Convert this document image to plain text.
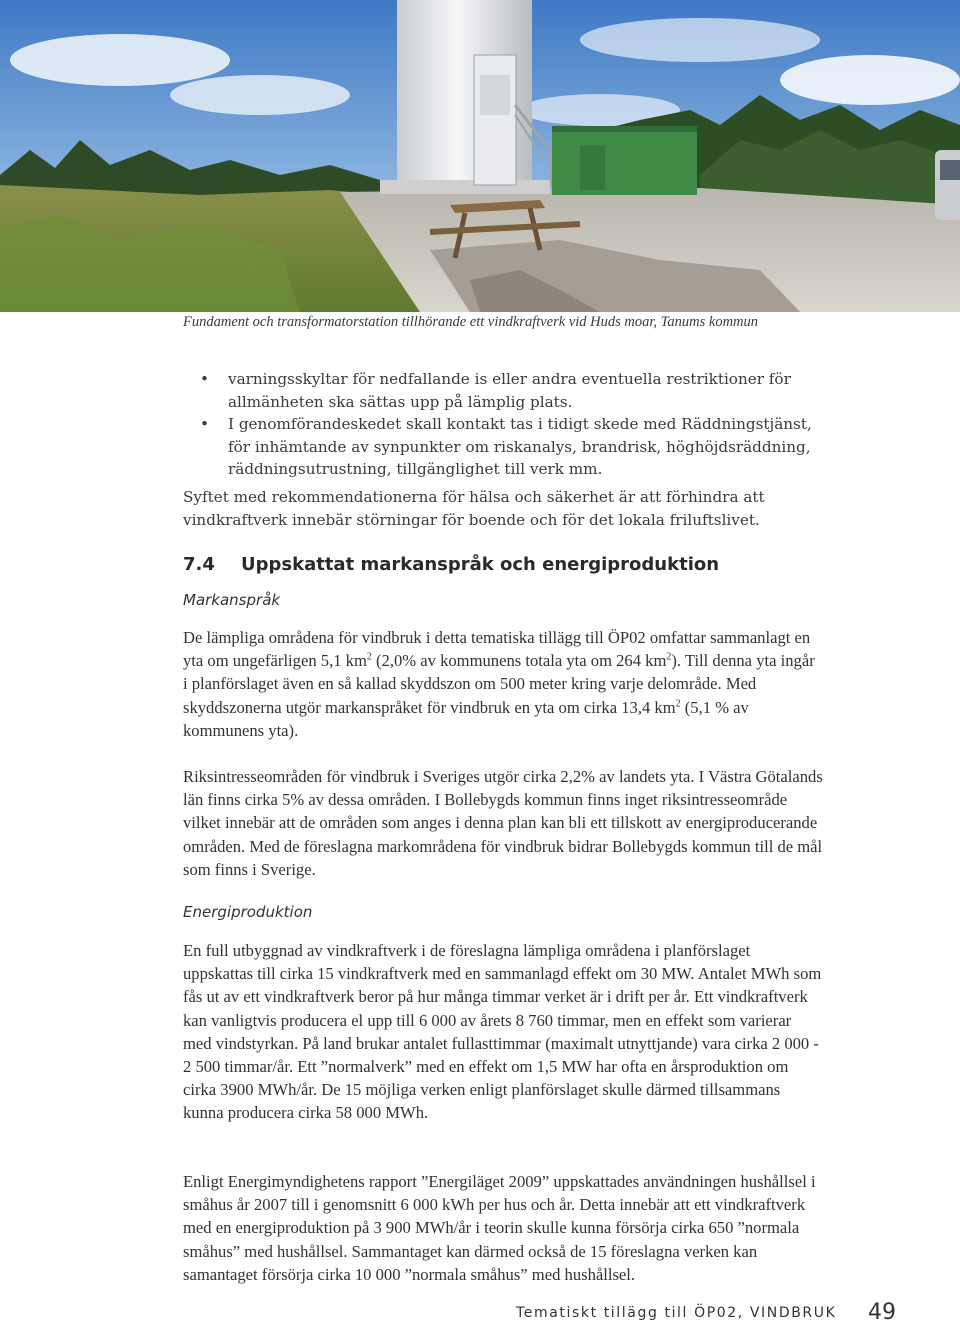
Fundament och transformatorstation tillhörande ett vindkraftverk vid Huds moar, Tanums kommun
• varningsskyltar för nedfallande is eller andra eventuella restriktioner för allmänheten ska sättas upp på lämplig plats.
• I genomförandeskedet skall kontakt tas i tidigt skede med Räddningstjänst, för inhämtande av synpunkter om riskanalys, brandrisk, höghöjdsräddning, räddningsutrustning, tillgänglighet till verk mm.
Syftet med rekommendationerna för hälsa och säkerhet är att förhindra att vindkraftverk innebär störningar för boende och för det lokala friluftslivet.
7.4 Uppskattat markanspråk och energiproduktion
Markanspråk
De lämpliga områdena för vindbruk i detta tematiska tillägg till ÖP02 omfattar sammanlagt en yta om ungefärligen 5,1 $km^2$ (2,0% av kommunens totala yta om 264 $km^2$). Till denna yta ingår i planförslaget även en så kallad skyddszon om 500 meter kring varje delområde. Med skyddszonerna utgör markanspråket för vindbruk en yta om cirka 13,4 $km^2$ (5,1 % av kommunens yta).
Riksintresseområden för vindbruk i Sveriges utgör cirka 2,2% av landets yta. I Västra Götalands län finns cirka 5% av dessa områden. I Bollebygds kommun finns inget riksintresseområde vilket innebär att de områden som anges i denna plan kan bli ett tillskott av energiproducerande områden. Med de föreslagna markområdena för vindbruk bidrar Bollebygds kommun till de mål som finns i Sverige.
Energiproduktion
En full utbyggnad av vindkraftverk i de föreslagna lämpliga områdena i planförslaget uppskattas till cirka 15 vindkraftverk med en sammanlagd effekt om 30 MW. Antalet MWh som fås ut av ett vindkraftverk beror på hur många timmar verket är i drift per år. Ett vindkraftverk kan vanligtvis producera el upp till 6 000 av årets 8 760 timmar, men en effekt som varierar med vindstyrkan. På land brukar antalet fullasttimmar (maximalt utnyttjande) vara cirka 2 000 - 2 500 timmar/år. Ett ”normalverk” med en effekt om 1,5 MW har ofta en årsproduktion om cirka 3900 MWh/år. De 15 möjliga verken enligt planförslaget skulle därmed tillsammans kunna producera cirka 58 000 MWh.
Enligt Energimyndighetens rapport ”Energiläget 2009” uppskattades användningen hushållsel i småhus år 2007 till i genomsnitt 6 000 kWh per hus och år. Detta innebär att ett vindkraftverk med en energiproduktion på 3 900 MWh/år i teorin skulle kunna försörja cirka 650 ”normala småhus” med hushållsel. Sammantaget kan därmed också de 15 föreslagna verken kan samantaget försörja cirka 10 000 ”normala småhus” med hushållsel.
Tematiskt tillägg till ÖP02, VINDBRUK 49
